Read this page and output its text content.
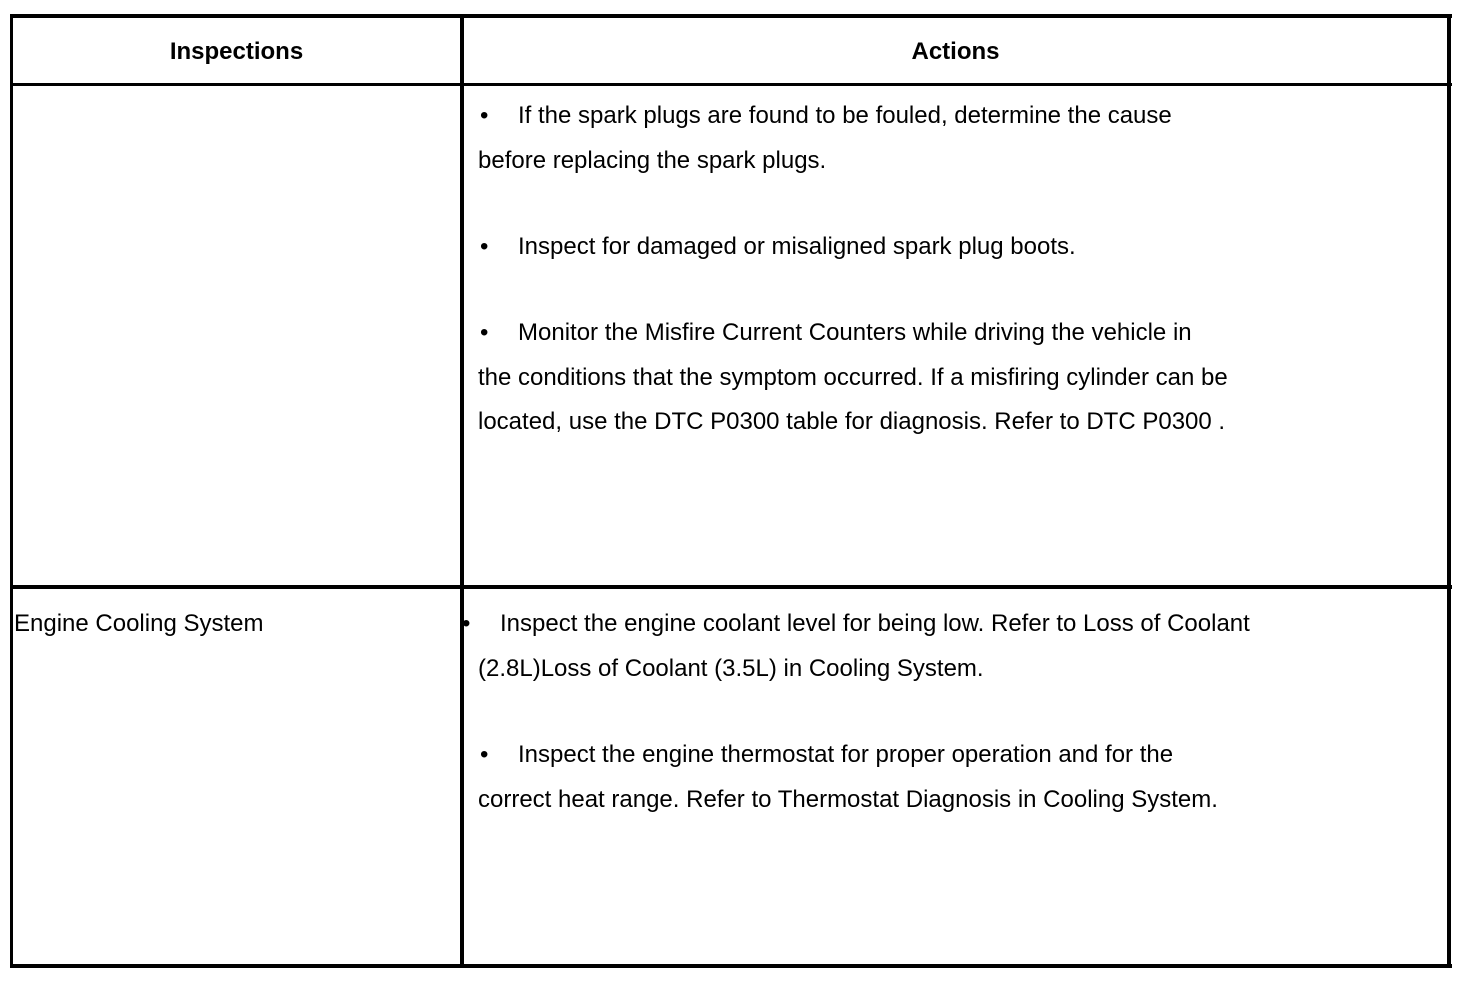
Inspections	Actions
• If the spark plugs are found to be fouled, determine the cause
before replacing the spark plugs.
• Inspect for damaged or misaligned spark plug boots.
• Monitor the Misfire Current Counters while driving the vehicle in
the conditions that the symptom occurred. If a misfiring cylinder can be
located, use the DTC P0300 table for diagnosis. Refer to DTC P0300 .
Engine Cooling System	• Inspect the engine coolant level for being low. Refer to Loss of Coolant
(2.8L)Loss of Coolant (3.5L) in Cooling System.
• Inspect the engine thermostat for proper operation and for the
correct heat range. Refer to Thermostat Diagnosis in Cooling System.
